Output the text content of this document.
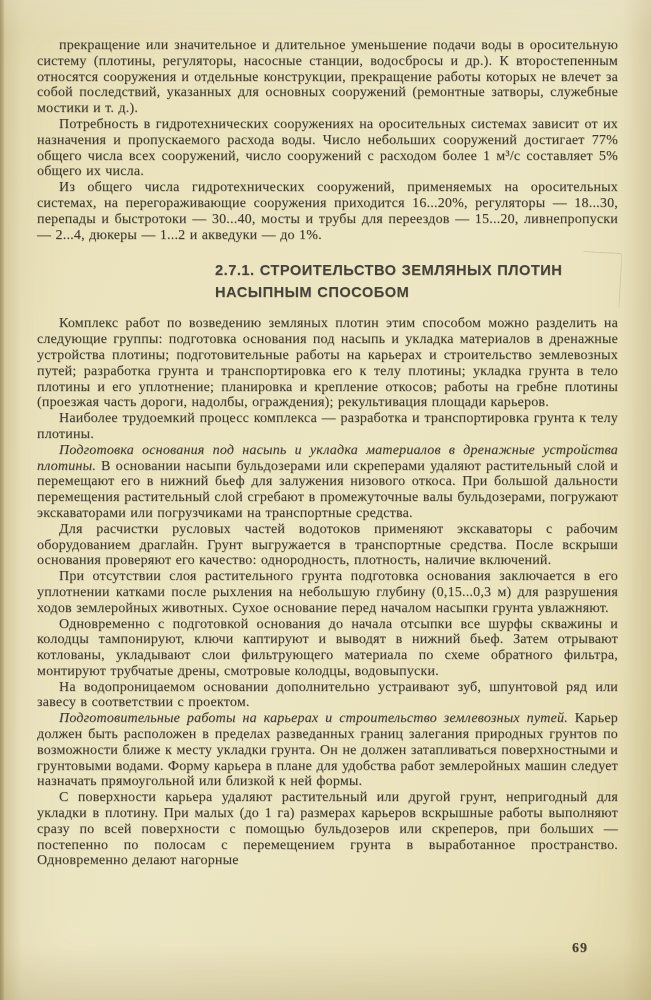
прекращение или значительное и длительное уменьшение подачи воды в оросительную систему (плотины, регуляторы, насосные станции, водосбросы и др.). К второстепенным относятся сооружения и отдельные конструкции, прекращение работы которых не влечет за собой последствий, указанных для основных сооружений (ремонтные затворы, служебные мостики и т. д.).

Потребность в гидротехнических сооружениях на оросительных системах зависит от их назначения и пропускаемого расхода воды. Число небольших сооружений достигает 77% общего числа всех сооружений, число сооружений с расходом более 1 м³/с составляет 5% общего их числа.

Из общего числа гидротехнических сооружений, применяемых на оросительных системах, на перегораживающие сооружения приходится 16...20%, регуляторы — 18...30, перепады и быстротоки — 30...40, мосты и трубы для переездов — 15...20, ливнепропуски — 2...4, дюкеры — 1...2 и акведуки — до 1%.

2.7.1. СТРОИТЕЛЬСТВО ЗЕМЛЯНЫХ ПЛОТИН
НАСЫПНЫМ СПОСОБОМ

Комплекс работ по возведению земляных плотин этим способом можно разделить на следующие группы: подготовка основания под насыпь и укладка материалов в дренажные устройства плотины; подготовительные работы на карьерах и строительство землевозных путей; разработка грунта и транспортировка его к телу плотины; укладка грунта в тело плотины и его уплотнение; планировка и крепление откосов; работы на гребне плотины (проезжая часть дороги, надолбы, ограждения); рекультивация площади карьеров.

Наиболее трудоемкий процесс комплекса — разработка и транспортировка грунта к телу плотины.

Подготовка основания под насыпь и укладка материалов в дренажные устройства плотины. В основании насыпи бульдозерами или скреперами удаляют растительный слой и перемещают его в нижний бьеф для залужения низового откоса. При большой дальности перемещения растительный слой сгребают в промежуточные валы бульдозерами, погружают экскаваторами или погрузчиками на транспортные средства.

Для расчистки русловых частей водотоков применяют экскаваторы с рабочим оборудованием драглайн. Грунт выгружается в транспортные средства. После вскрыши основания проверяют его качество: однородность, плотность, наличие включений.

При отсутствии слоя растительного грунта подготовка основания заключается в его уплотнении катками после рыхления на небольшую глубину (0,15...0,3 м) для разрушения ходов землеройных животных. Сухое основание перед началом насыпки грунта увлажняют.

Одновременно с подготовкой основания до начала отсыпки все шурфы скважины и колодцы тампонируют, ключи каптируют и выводят в нижний бьеф. Затем отрывают котлованы, укладывают слои фильтрующего материала по схеме обратного фильтра, монтируют трубчатые дрены, смотровые колодцы, водовыпуски.

На водопроницаемом основании дополнительно устраивают зуб, шпунтовой ряд или завесу в соответствии с проектом.

Подготовительные работы на карьерах и строительство землевозных путей. Карьер должен быть расположен в пределах разведанных границ залегания природных грунтов по возможности ближе к месту укладки грунта. Он не должен затапливаться поверхностными и грунтовыми водами. Форму карьера в плане для удобства работ землеройных машин следует назначать прямоугольной или близкой к ней формы.

С поверхности карьера удаляют растительный или другой грунт, непригодный для укладки в плотину. При малых (до 1 га) размерах карьеров вскрышные работы выполняют сразу по всей поверхности с помощью бульдозеров или скреперов, при больших — постепенно по полосам с перемещением грунта в выработанное пространство. Одновременно делают нагорные

69
